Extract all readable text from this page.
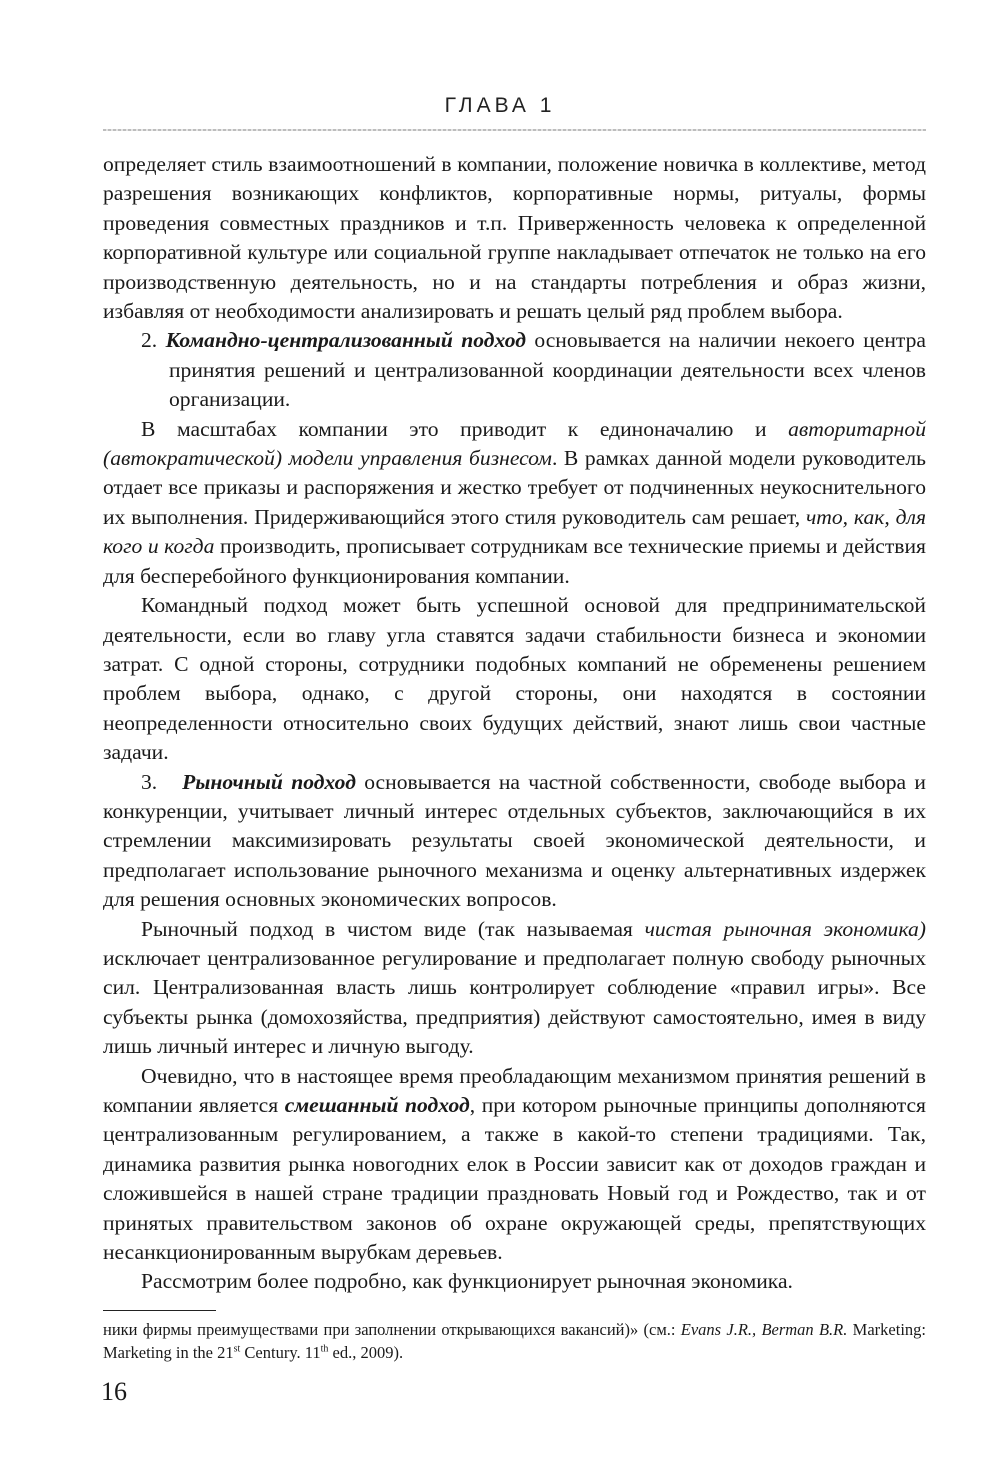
ГЛАВА 1

определяет стиль взаимоотношений в компании, положение новичка в коллективе, метод разрешения возникающих конфликтов, корпоративные нормы, ритуалы, формы проведения совместных праздников и т.п. Приверженность человека к определенной корпоративной культуре или социальной группе накладывает отпечаток не только на его производственную деятельность, но и на стандарты потребления и образ жизни, избавляя от необходимости анализировать и решать целый ряд проблем выбора.

2. Командно-централизованный подход основывается на наличии некоего центра принятия решений и централизованной координации деятельности всех членов организации.

В масштабах компании это приводит к единоначалию и авторитарной (автократической) модели управления бизнесом. В рамках данной модели руководитель отдает все приказы и распоряжения и жестко требует от подчиненных неукоснительного их выполнения. Придерживающийся этого стиля руководитель сам решает, что, как, для кого и когда производить, прописывает сотрудникам все технические приемы и действия для бесперебойного функционирования компании.

Командный подход может быть успешной основой для предпринимательской деятельности, если во главу угла ставятся задачи стабильности бизнеса и экономии затрат. С одной стороны, сотрудники подобных компаний не обременены решением проблем выбора, однако, с другой стороны, они находятся в состоянии неопределенности относительно своих будущих действий, знают лишь свои частные задачи.

3. Рыночный подход основывается на частной собственности, свободе выбора и конкуренции, учитывает личный интерес отдельных субъектов, заключающийся в их стремлении максимизировать результаты своей экономической деятельности, и предполагает использование рыночного механизма и оценку альтернативных издержек для решения основных экономических вопросов.

Рыночный подход в чистом виде (так называемая чистая рыночная экономика) исключает централизованное регулирование и предполагает полную свободу рыночных сил. Централизованная власть лишь контролирует соблюдение «правил игры». Все субъекты рынка (домохозяйства, предприятия) действуют самостоятельно, имея в виду лишь личный интерес и личную выгоду.

Очевидно, что в настоящее время преобладающим механизмом принятия решений в компании является смешанный подход, при котором рыночные принципы дополняются централизованным регулированием, а также в какой-то степени традициями. Так, динамика развития рынка новогодних елок в России зависит как от доходов граждан и сложившейся в нашей стране традиции праздновать Новый год и Рождество, так и от принятых правительством законов об охране окружающей среды, препятствующих несанкционированным вырубкам деревьев.

Рассмотрим более подробно, как функционирует рыночная экономика.

ники фирмы преимуществами при заполнении открывающихся вакансий)» (см.: Evans J.R., Berman B.R. Marketing: Marketing in the 21st Century. 11th ed., 2009).
16
